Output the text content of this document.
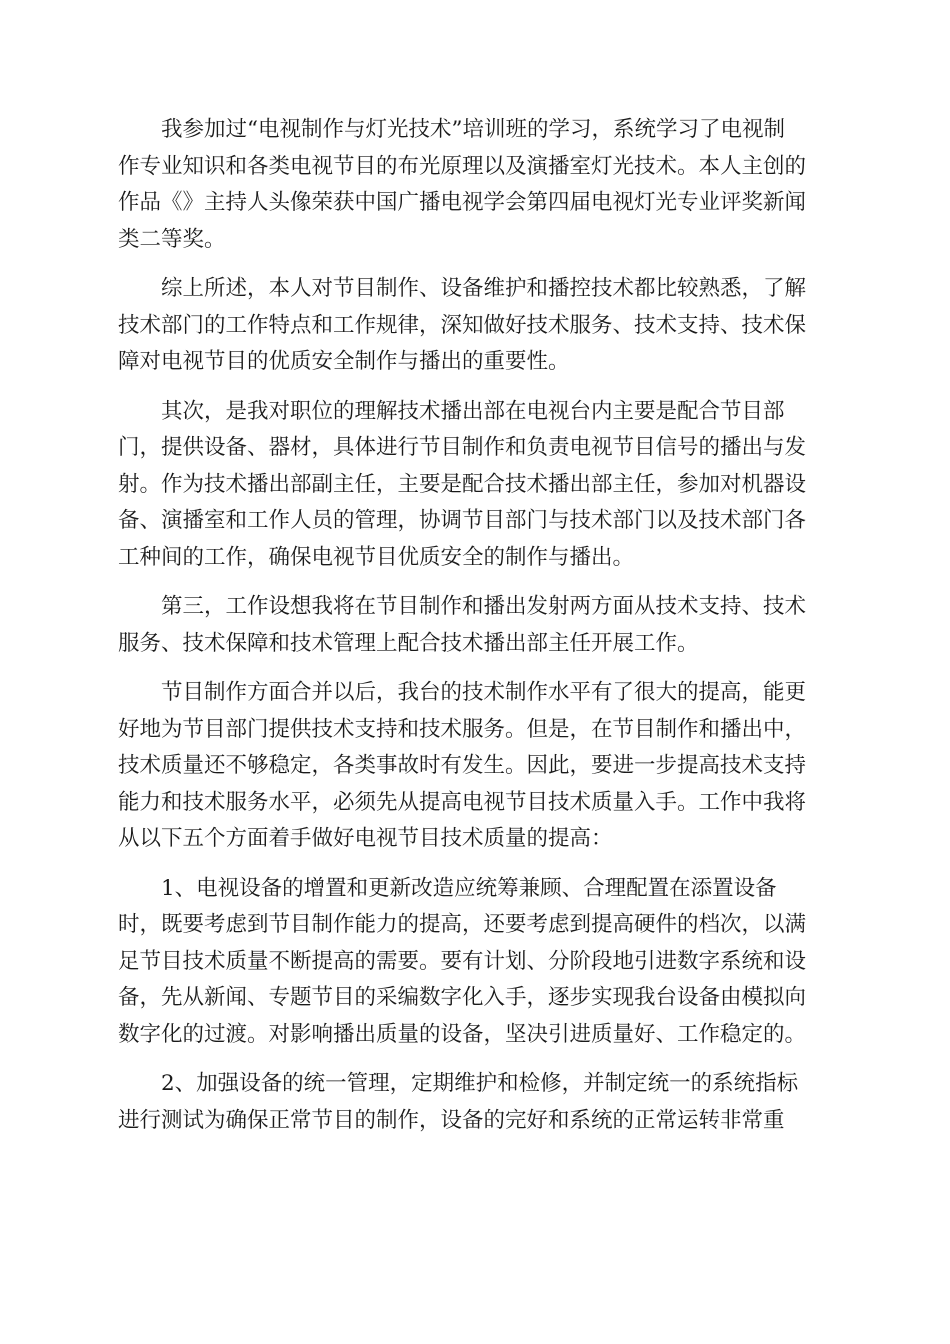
我参加过“电视制作与灯光技术”培训班的学习，系统学习了电视制
作专业知识和各类电视节目的布光原理以及演播室灯光技术。本人主创的
作品《》主持人头像荣获中国广播电视学会第四届电视灯光专业评奖新闻
类二等奖。

综上所述，本人对节目制作、设备维护和播控技术都比较熟悉，了解
技术部门的工作特点和工作规律，深知做好技术服务、技术支持、技术保
障对电视节目的优质安全制作与播出的重要性。

其次，是我对职位的理解技术播出部在电视台内主要是配合节目部
门，提供设备、器材，具体进行节目制作和负责电视节目信号的播出与发
射。作为技术播出部副主任，主要是配合技术播出部主任，参加对机器设
备、演播室和工作人员的管理，协调节目部门与技术部门以及技术部门各
工种间的工作，确保电视节目优质安全的制作与播出。

第三，工作设想我将在节目制作和播出发射两方面从技术支持、技术
服务、技术保障和技术管理上配合技术播出部主任开展工作。

节目制作方面合并以后，我台的技术制作水平有了很大的提高，能更
好地为节目部门提供技术支持和技术服务。但是，在节目制作和播出中，
技术质量还不够稳定，各类事故时有发生。因此，要进一步提高技术支持
能力和技术服务水平，必须先从提高电视节目技术质量入手。工作中我将
从以下五个方面着手做好电视节目技术质量的提高：

1、电视设备的增置和更新改造应统筹兼顾、合理配置在添置设备
时，既要考虑到节目制作能力的提高，还要考虑到提高硬件的档次，以满
足节目技术质量不断提高的需要。要有计划、分阶段地引进数字系统和设
备，先从新闻、专题节目的采编数字化入手，逐步实现我台设备由模拟向
数字化的过渡。对影响播出质量的设备，坚决引进质量好、工作稳定的。

2、加强设备的统一管理，定期维护和检修，并制定统一的系统指标
进行测试为确保正常节目的制作，设备的完好和系统的正常运转非常重
